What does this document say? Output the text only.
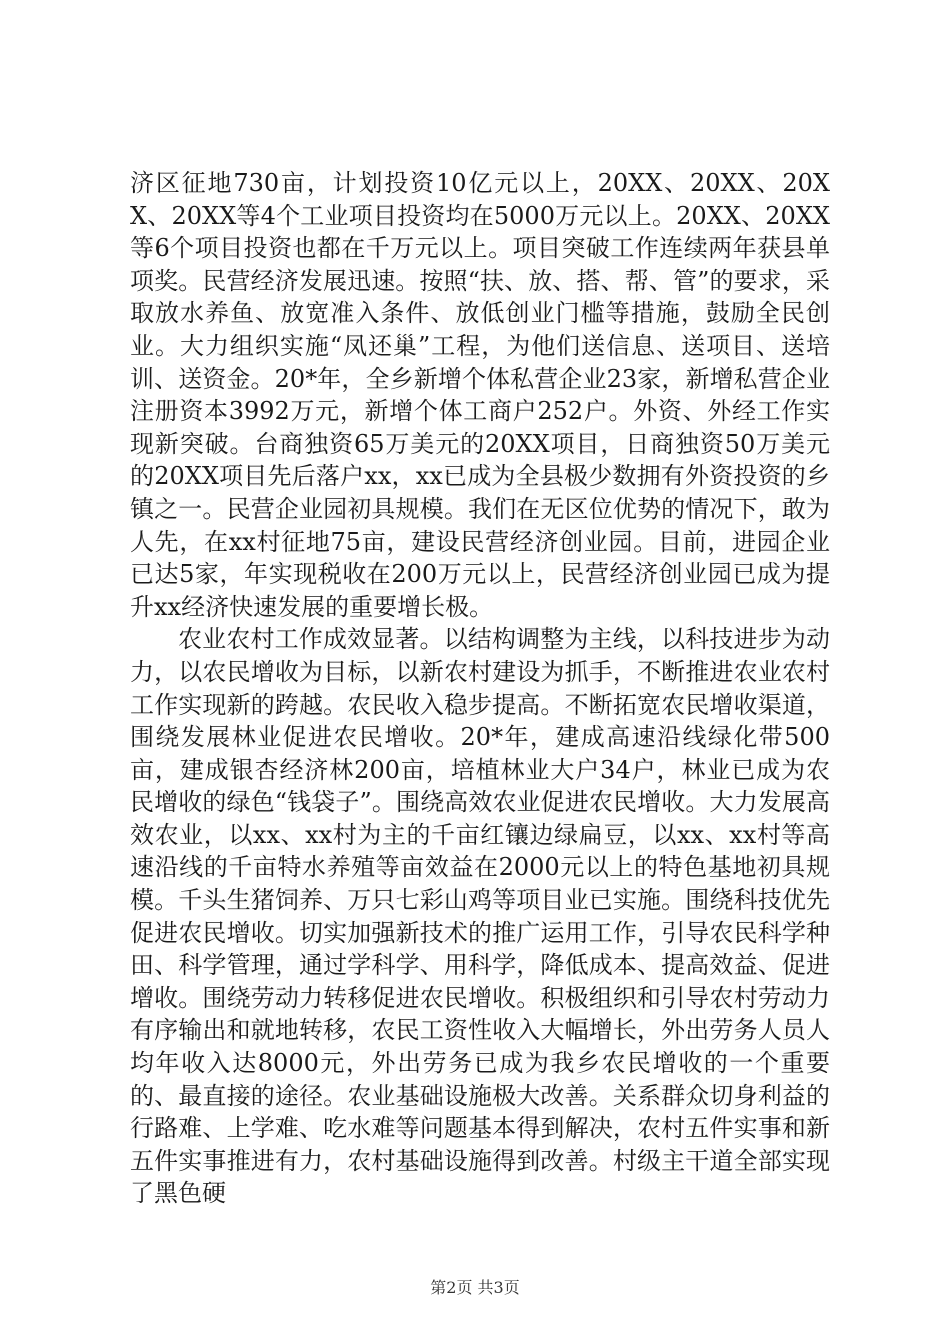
济区征地730亩，计划投资10亿元以上，20XX、20XX、20XX、20XX等4个工业项目投资均在5000万元以上。20XX、20XX等6个项目投资也都在千万元以上。项目突破工作连续两年获县单项奖。民营经济发展迅速。按照“扶、放、搭、帮、管”的要求，采取放水养鱼、放宽准入条件、放低创业门槛等措施，鼓励全民创业。大力组织实施“凤还巢”工程，为他们送信息、送项目、送培训、送资金。20*年，全乡新增个体私营企业23家，新增私营企业注册资本3992万元，新增个体工商户252户。外资、外经工作实现新突破。台商独资65万美元的20XX项目，日商独资50万美元的20XX项目先后落户xx，xx已成为全县极少数拥有外资投资的乡镇之一。民营企业园初具规模。我们在无区位优势的情况下，敢为人先，在xx村征地75亩，建设民营经济创业园。目前，进园企业已达5家，年实现税收在200万元以上，民营经济创业园已成为提升xx经济快速发展的重要增长极。

农业农村工作成效显著。以结构调整为主线，以科技进步为动力，以农民增收为目标，以新农村建设为抓手，不断推进农业农村工作实现新的跨越。农民收入稳步提高。不断拓宽农民增收渠道，围绕发展林业促进农民增收。20*年，建成高速沿线绿化带500亩，建成银杏经济林200亩，培植林业大户34户，林业已成为农民增收的绿色“钱袋子”。围绕高效农业促进农民增收。大力发展高效农业，以xx、xx村为主的千亩红镶边绿扁豆，以xx、xx村等高速沿线的千亩特水养殖等亩效益在2000元以上的特色基地初具规模。千头生猪饲养、万只七彩山鸡等项目业已实施。围绕科技优先促进农民增收。切实加强新技术的推广运用工作，引导农民科学种田、科学管理，通过学科学、用科学，降低成本、提高效益、促进增收。围绕劳动力转移促进农民增收。积极组织和引导农村劳动力有序输出和就地转移，农民工资性收入大幅增长，外出劳务人员人均年收入达8000元，外出劳务已成为我乡农民增收的一个重要的、最直接的途径。农业基础设施极大改善。关系群众切身利益的行路难、上学难、吃水难等问题基本得到解决，农村五件实事和新五件实事推进有力，农村基础设施得到改善。村级主干道全部实现了黑色硬

第2页 共3页
